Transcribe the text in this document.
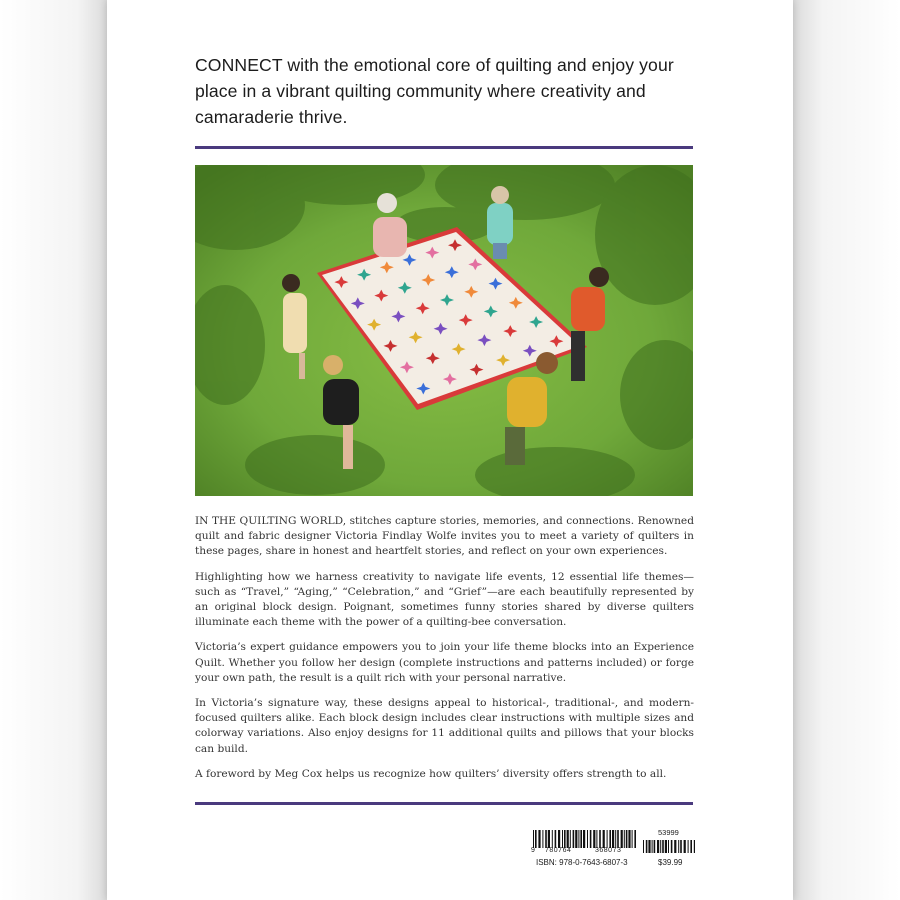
CONNECT with the emotional core of quilting and enjoy your place in a vibrant quilting community where creativity and camaraderie thrive.

IN THE QUILTING WORLD, stitches capture stories, memories, and connections. Renowned quilt and fabric designer Victoria Findlay Wolfe invites you to meet a variety of quilters in these pages, share in honest and heartfelt stories, and reflect on your own experiences.

Highlighting how we harness creativity to navigate life events, 12 essential life themes—such as “Travel,” “Aging,” “Celebration,” and “Grief”—are each beautifully represented by an original block design. Poignant, sometimes funny stories shared by diverse quilters illuminate each theme with the power of a quilting-bee conversation.

Victoria’s expert guidance empowers you to join your life theme blocks into an Experience Quilt. Whether you follow her design (complete instructions and patterns included) or forge your own path, the result is a quilt rich with your personal narrative.

In Victoria’s signature way, these designs appeal to historical-, traditional-, and modern-focused quilters alike. Each block design includes clear instructions with multiple sizes and colorway variations. Also enjoy designs for 11 additional quilts and pillows that your blocks can build.

A foreword by Meg Cox helps us recognize how quilters’ diversity offers strength to all.

9 780764	368073
ISBN: 978-0-7643-6807-3
53999
$39.99
